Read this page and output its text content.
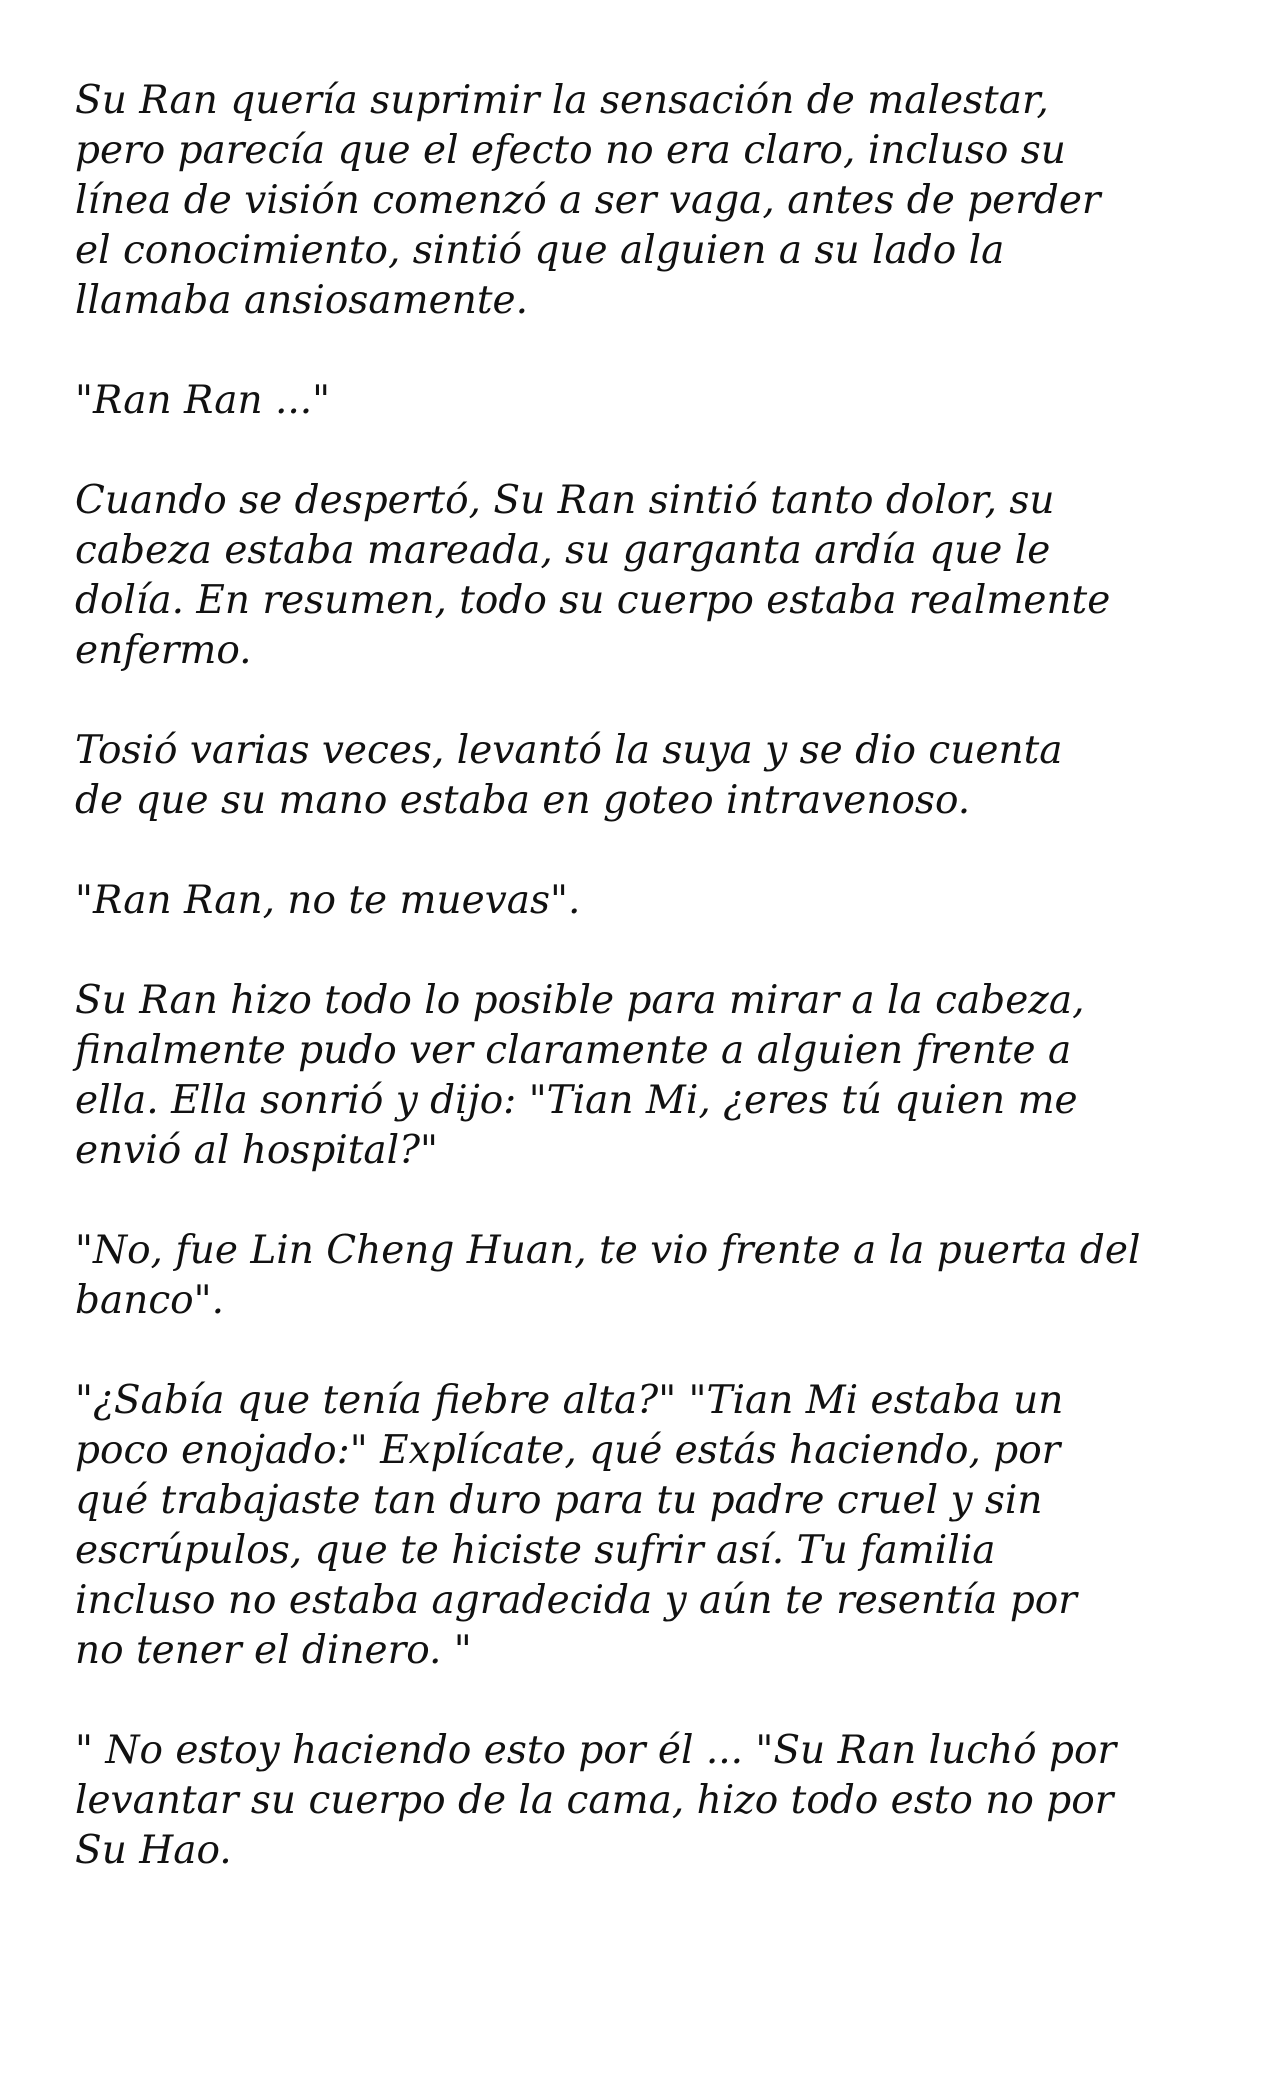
Su Ran quería suprimir la sensación de malestar,
pero parecía que el efecto no era claro, incluso su
línea de visión comenzó a ser vaga, antes de perder
el conocimiento, sintió que alguien a su lado la
llamaba ansiosamente.

"Ran Ran ..."

Cuando se despertó, Su Ran sintió tanto dolor, su
cabeza estaba mareada, su garganta ardía que le
dolía. En resumen, todo su cuerpo estaba realmente
enfermo.

Tosió varias veces, levantó la suya y se dio cuenta
de que su mano estaba en goteo intravenoso.

"Ran Ran, no te muevas".

Su Ran hizo todo lo posible para mirar a la cabeza,
finalmente pudo ver claramente a alguien frente a
ella. Ella sonrió y dijo: "Tian Mi, ¿eres tú quien me
envió al hospital?"

"No, fue Lin Cheng Huan, te vio frente a la puerta del
banco".

"¿Sabía que tenía fiebre alta?" "Tian Mi estaba un
poco enojado:" Explícate, qué estás haciendo, por
qué trabajaste tan duro para tu padre cruel y sin
escrúpulos, que te hiciste sufrir así. Tu familia
incluso no estaba agradecida y aún te resentía por
no tener el dinero. "

" No estoy haciendo esto por él ... "Su Ran luchó por
levantar su cuerpo de la cama, hizo todo esto no por
Su Hao.
